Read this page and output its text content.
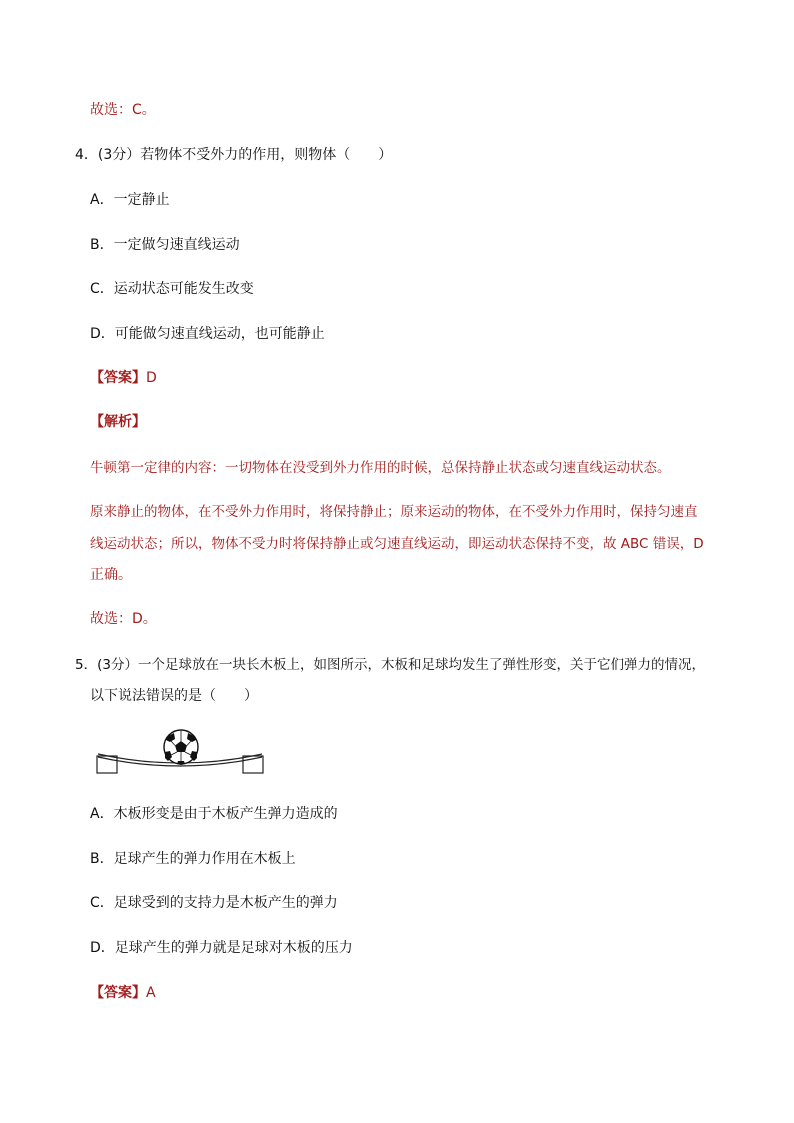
故选：C。
4．(3分）若物体不受外力的作用，则物体（　　）
A．一定静止
B．一定做匀速直线运动
C．运动状态可能发生改变
D．可能做匀速直线运动，也可能静止
【答案】D
【解析】
牛顿第一定律的内容：一切物体在没受到外力作用的时候，总保持静止状态或匀速直线运动状态。
原来静止的物体，在不受外力作用时，将保持静止；原来运动的物体，在不受外力作用时，保持匀速直
线运动状态；所以，物体不受力时将保持静止或匀速直线运动，即运动状态保持不变，故 ABC 错误，D
正确。
故选：D。
5．(3分）一个足球放在一块长木板上，如图所示，木板和足球均发生了弹性形变，关于它们弹力的情况，
以下说法错误的是（　　）
A．木板形变是由于木板产生弹力造成的
B．足球产生的弹力作用在木板上
C．足球受到的支持力是木板产生的弹力
D．足球产生的弹力就是足球对木板的压力
【答案】A
